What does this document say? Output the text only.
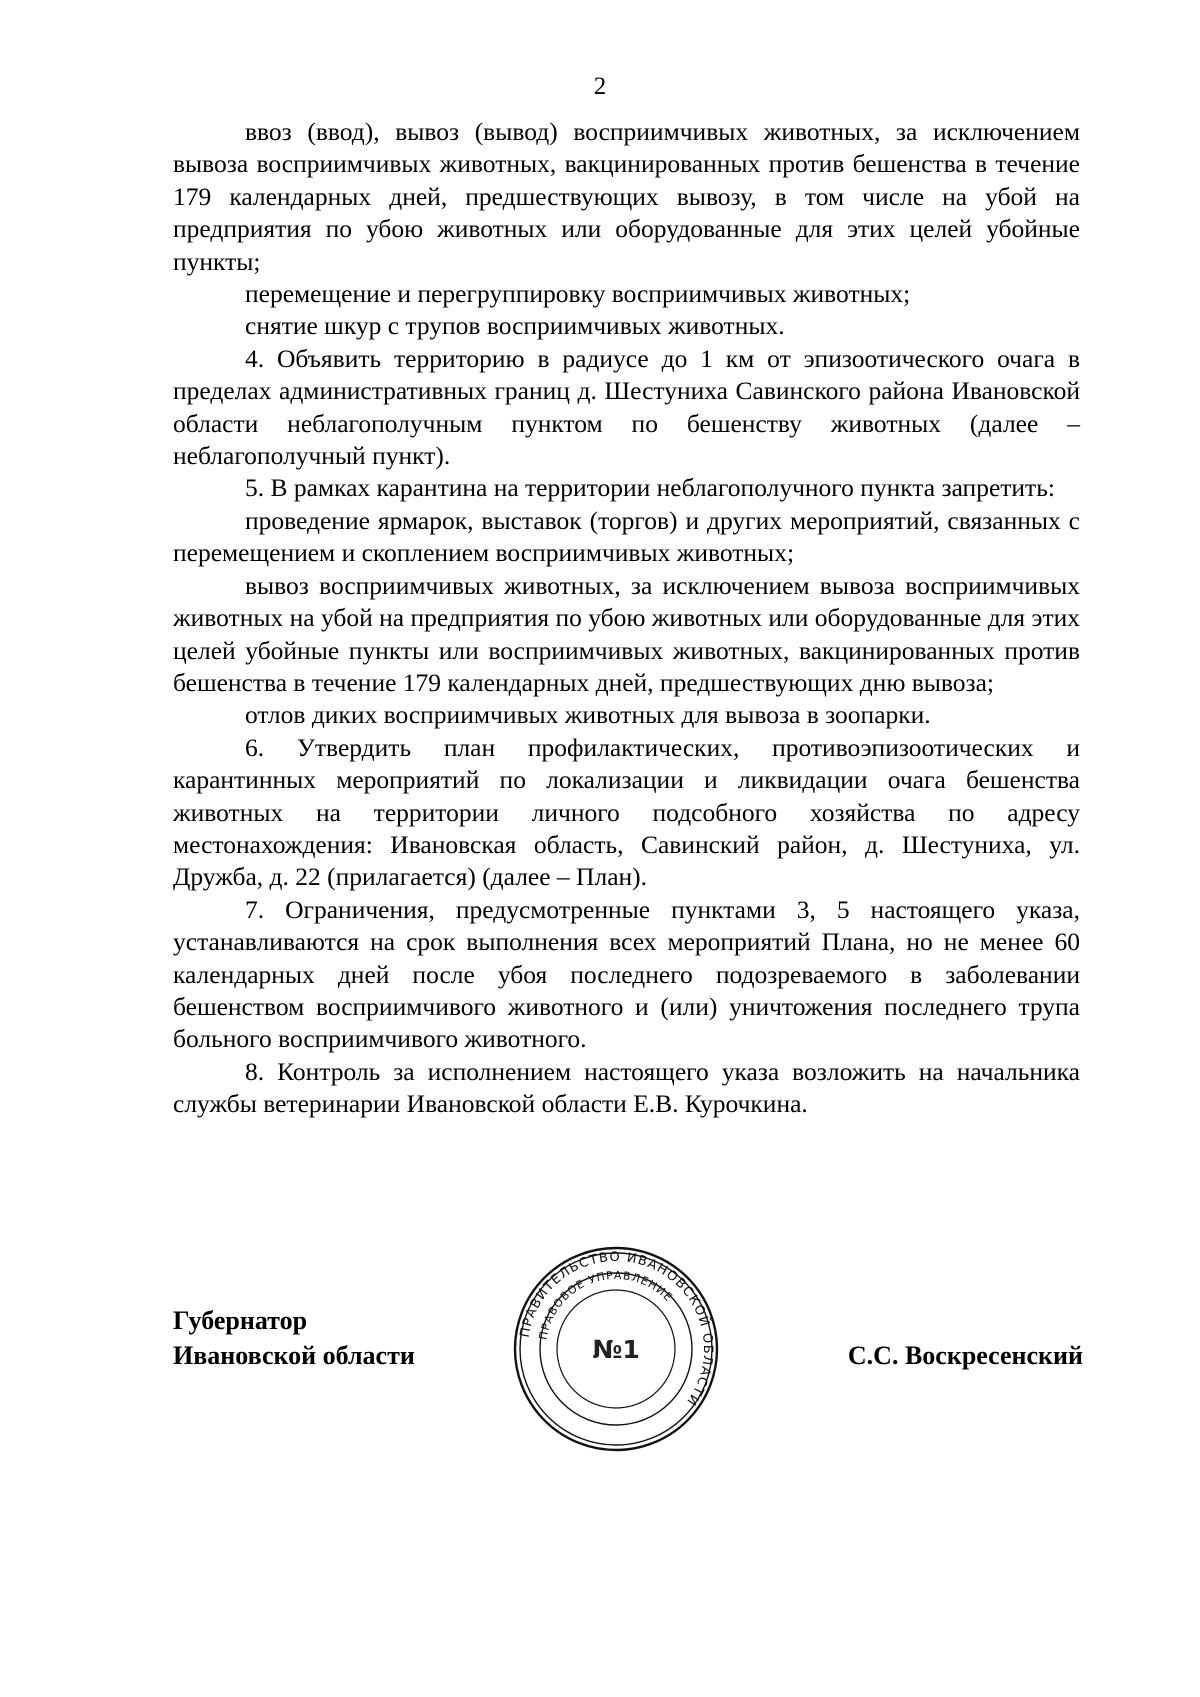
2

ввоз (ввод), вывоз (вывод) восприимчивых животных, за исключением вывоза восприимчивых животных, вакцинированных против бешенства в течение 179 календарных дней, предшествующих вывозу, в том числе на убой на предприятия по убою животных или оборудованные для этих целей убойные пункты;

перемещение и перегруппировку восприимчивых животных;

снятие шкур с трупов восприимчивых животных.

4. Объявить территорию в радиусе до 1 км от эпизоотического очага в пределах административных границ д. Шестуниха Савинского района Ивановской области неблагополучным пунктом по бешенству животных (далее – неблагополучный пункт).

5. В рамках карантина на территории неблагополучного пункта запретить:

проведение ярмарок, выставок (торгов) и других мероприятий, связанных с перемещением и скоплением восприимчивых животных;

вывоз восприимчивых животных, за исключением вывоза восприимчивых животных на убой на предприятия по убою животных или оборудованные для этих целей убойные пункты или восприимчивых животных, вакцинированных против бешенства в течение 179 календарных дней, предшествующих дню вывоза;

отлов диких восприимчивых животных для вывоза в зоопарки.

6. Утвердить план профилактических, противоэпизоотических и карантинных мероприятий по локализации и ликвидации очага бешенства животных на территории личного подсобного хозяйства по адресу местонахождения: Ивановская область, Савинский район, д. Шестуниха, ул. Дружба, д. 22 (прилагается) (далее – План).

7. Ограничения, предусмотренные пунктами 3, 5 настоящего указа, устанавливаются на срок выполнения всех мероприятий Плана, но не менее 60 календарных дней после убоя последнего подозреваемого в заболевании бешенством восприимчивого животного и (или) уничтожения последнего трупа больного восприимчивого животного.

8. Контроль за исполнением настоящего указа возложить на начальника службы ветеринарии Ивановской области Е.В. Курочкина.

Губернатор
Ивановской области	С.С. Воскресенский
ПРАВИТЕЛЬСТВО ИВАНОВСКОЙ ОБЛАСТИ
ПРАВОВОЕ УПРАВЛЕНИЕ
№1
